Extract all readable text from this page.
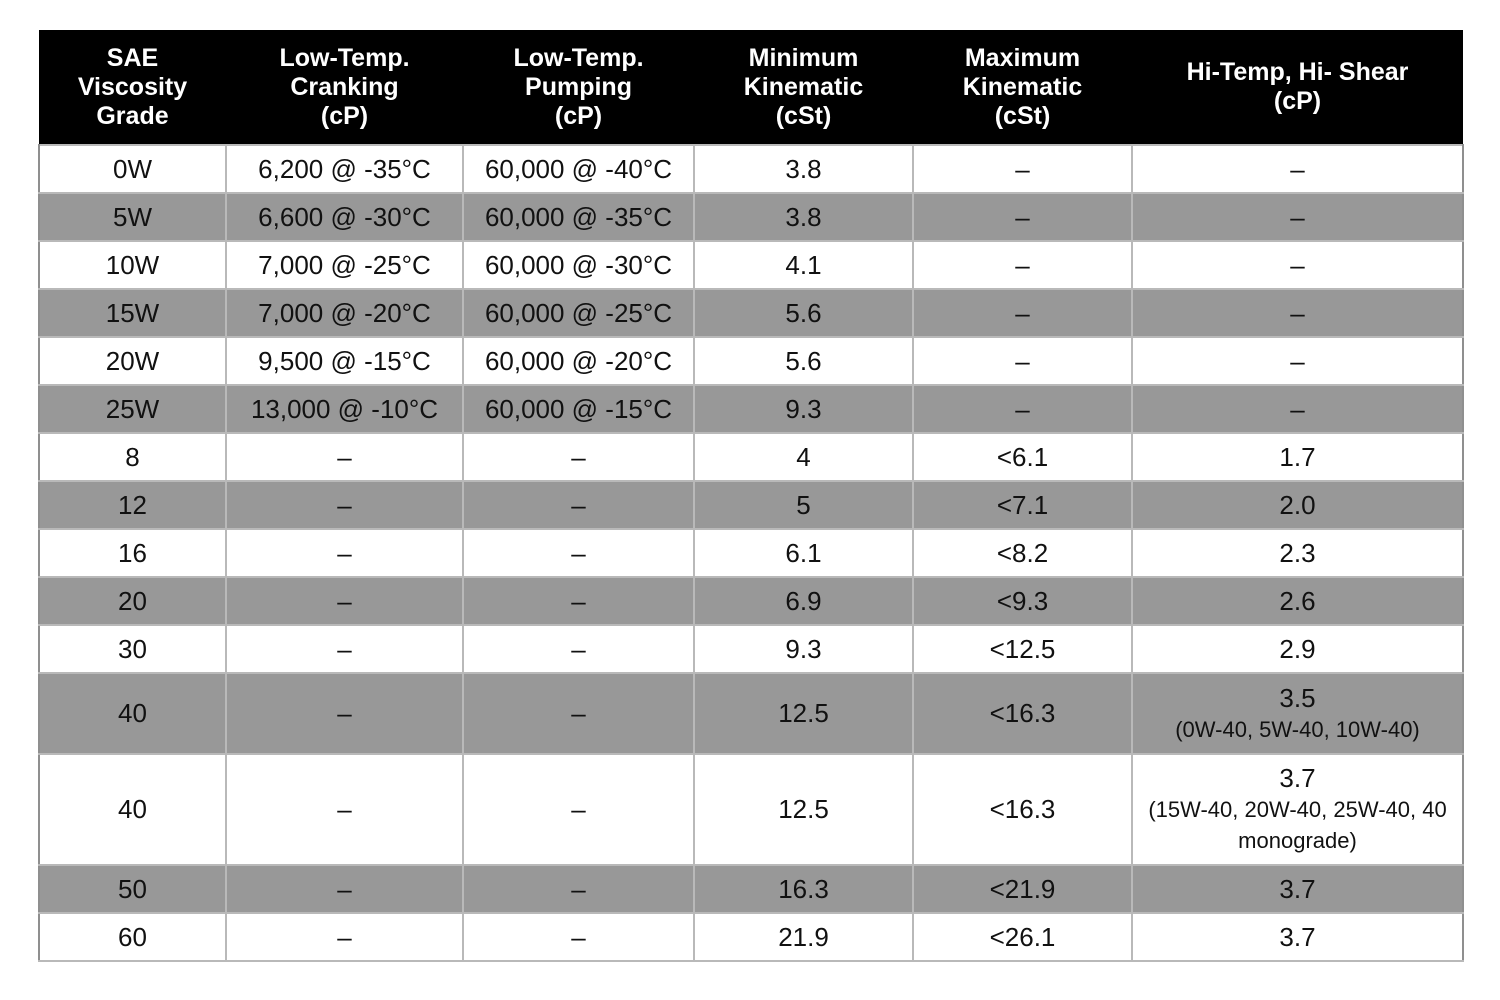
SAE
Viscosity
Grade	Low-Temp.
Cranking
(cP)	Low-Temp.
Pumping
(cP)	Minimum
Kinematic
(cSt)	Maximum
Kinematic
(cSt)	Hi-Temp, Hi- Shear
(cP)

0W	6,200 @ -35°C	60,000 @ -40°C	3.8	–	–

5W	6,600 @ -30°C	60,000 @ -35°C	3.8	–	–

10W	7,000 @ -25°C	60,000 @ -30°C	4.1	–	–

15W	7,000 @ -20°C	60,000 @ -25°C	5.6	–	–

20W	9,500 @ -15°C	60,000 @ -20°C	5.6	–	–

25W	13,000 @ -10°C	60,000 @ -15°C	9.3	–	–

8	–	–	4	<6.1	1.7

12	–	–	5	<7.1	2.0

16	–	–	6.1	<8.2	2.3

20	–	–	6.9	<9.3	2.6

30	–	–	9.3	<12.5	2.9

40	–	–	12.5	<16.3	3.5
(0W-40, 5W-40, 10W-40)

40	–	–	12.5	<16.3	3.7
(15W-40, 20W-40, 25W-40, 40 monograde)

50	–	–	16.3	<21.9	3.7

60	–	–	21.9	<26.1	3.7
